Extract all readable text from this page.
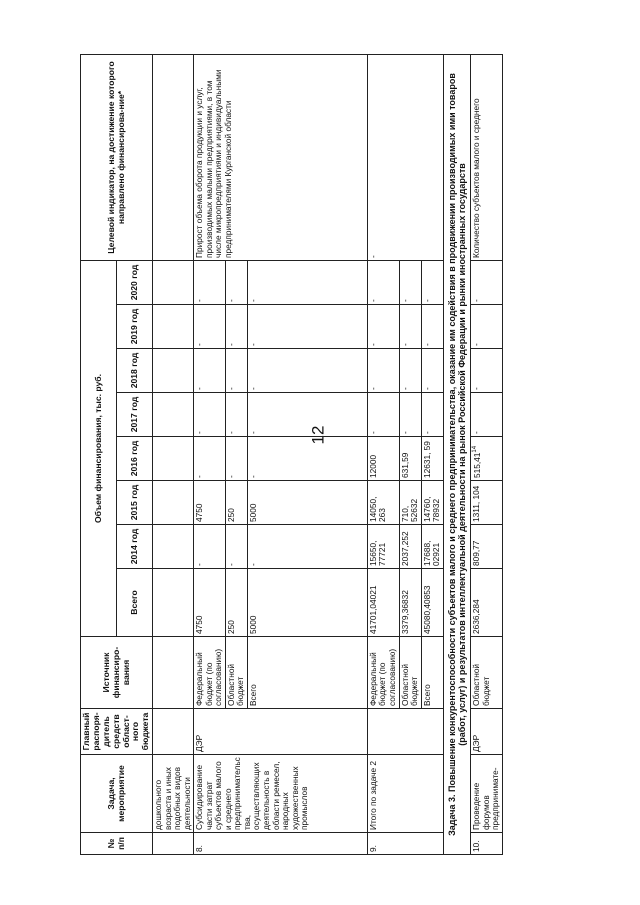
12
№ п/п	Задача, мероприятие	Главный распоря-дитель средств област-ного бюджета	Источник финансиро-вания	Объем финансирования, тыс. руб.								Целевой индикатор, на достижение которого направлено финансирова-ние*
				Всего	2014 год	2015 год	2016 год	2017 год	2018 год	2019 год	2020 год	
	дошкольного возраста и иных подобных видов деятельности											
8.	Субсидирование части затрат субъектов малого и среднего предпринимательства, осуществляющих деятельность в области ремесел, народных художественных промыслов	ДЭР	Федеральный бюджет (по согласованию)	4750	-	4750	-	-	-	-	-	Прирост объема оборота продукции и услуг, производимых малыми предприятиями, в том числе микропредприятиями и индивидуальными предпринимателями Курганской области
			Областной бюджет	250	-	250	-	-	-	-	-	
			Всего	5000	-	5000	-	-	-	-	-	
9.	Итого по задаче 2		Федеральный бюджет (по согласованию)	41701,04021	15650, 77721	14050, 263	12000	-	-	-	-	-
			Областной бюджет	3379,36832	2037,252	710, 52632	631,59	-	-	-	-	
			Всего	45080,40853	17688, 02921	14760, 78932	12631, 59	-	-	-	-	
Задача 3. Повышение конкурентоспособности субъектов малого и среднего предпринимательства, оказание им содействия в продвижении производимых ими товаров (работ, услуг) и результатов интеллектуальной деятельности на рынок Российской Федерации и рынки иностранных государств												
10.	Проведение форумов предпринимате-	ДЭР	Областной бюджет	2636,284	809,77	1311, 104	515,41$^{14}$	-	-	-	-	Количество субъектов малого и среднего
